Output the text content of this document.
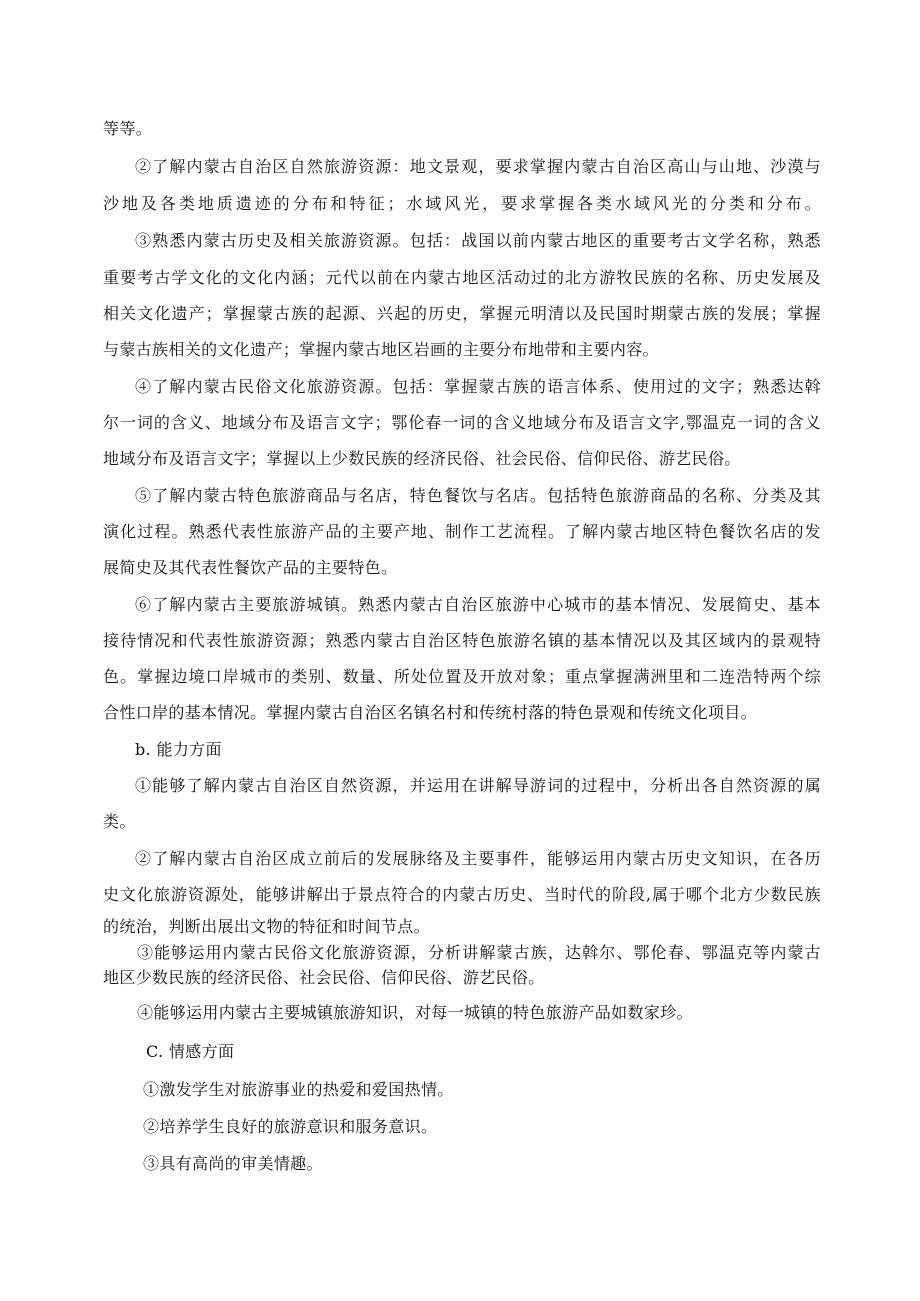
等等。
②了解内蒙古自治区自然旅游资源：地文景观，要求掌握内蒙古自治区高山与山地、沙漠与
沙地及各类地质遗迹的分布和特征；水域风光，要求掌握各类水域风光的分类和分布。
③熟悉内蒙古历史及相关旅游资源。包括：战国以前内蒙古地区的重要考古文学名称，熟悉
重要考古学文化的文化内涵；元代以前在内蒙古地区活动过的北方游牧民族的名称、历史发展及
相关文化遗产；掌握蒙古族的起源、兴起的历史，掌握元明清以及民国时期蒙古族的发展；掌握
与蒙古族相关的文化遗产；掌握内蒙古地区岩画的主要分布地带和主要内容。
④了解内蒙古民俗文化旅游资源。包括：掌握蒙古族的语言体系、使用过的文字；熟悉达斡
尔一词的含义、地域分布及语言文字；鄂伦春一词的含义地域分布及语言文字,鄂温克一词的含义
地域分布及语言文字；掌握以上少数民族的经济民俗、社会民俗、信仰民俗、游艺民俗。
⑤了解内蒙古特色旅游商品与名店，特色餐饮与名店。包括特色旅游商品的名称、分类及其
演化过程。熟悉代表性旅游产品的主要产地、制作工艺流程。了解内蒙古地区特色餐饮名店的发
展简史及其代表性餐饮产品的主要特色。
⑥了解内蒙古主要旅游城镇。熟悉内蒙古自治区旅游中心城市的基本情况、发展简史、基本
接待情况和代表性旅游资源；熟悉内蒙古自治区特色旅游名镇的基本情况以及其区域内的景观特
色。掌握边境口岸城市的类别、数量、所处位置及开放对象；重点掌握满洲里和二连浩特两个综
合性口岸的基本情况。掌握内蒙古自治区名镇名村和传统村落的特色景观和传统文化项目。
b. 能力方面
①能够了解内蒙古自治区自然资源，并运用在讲解导游词的过程中，分析出各自然资源的属
类。
②了解内蒙古自治区成立前后的发展脉络及主要事件，能够运用内蒙古历史文知识，在各历
史文化旅游资源处，能够讲解出于景点符合的内蒙古历史、当时代的阶段,属于哪个北方少数民族
的统治，判断出展出文物的特征和时间节点。
③能够运用内蒙古民俗文化旅游资源，分析讲解蒙古族，达斡尔、鄂伦春、鄂温克等内蒙古
地区少数民族的经济民俗、社会民俗、信仰民俗、游艺民俗。
④能够运用内蒙古主要城镇旅游知识，对每一城镇的特色旅游产品如数家珍。
C. 情感方面
①激发学生对旅游事业的热爱和爱国热情。
②培养学生良好的旅游意识和服务意识。
③具有高尚的审美情趣。
